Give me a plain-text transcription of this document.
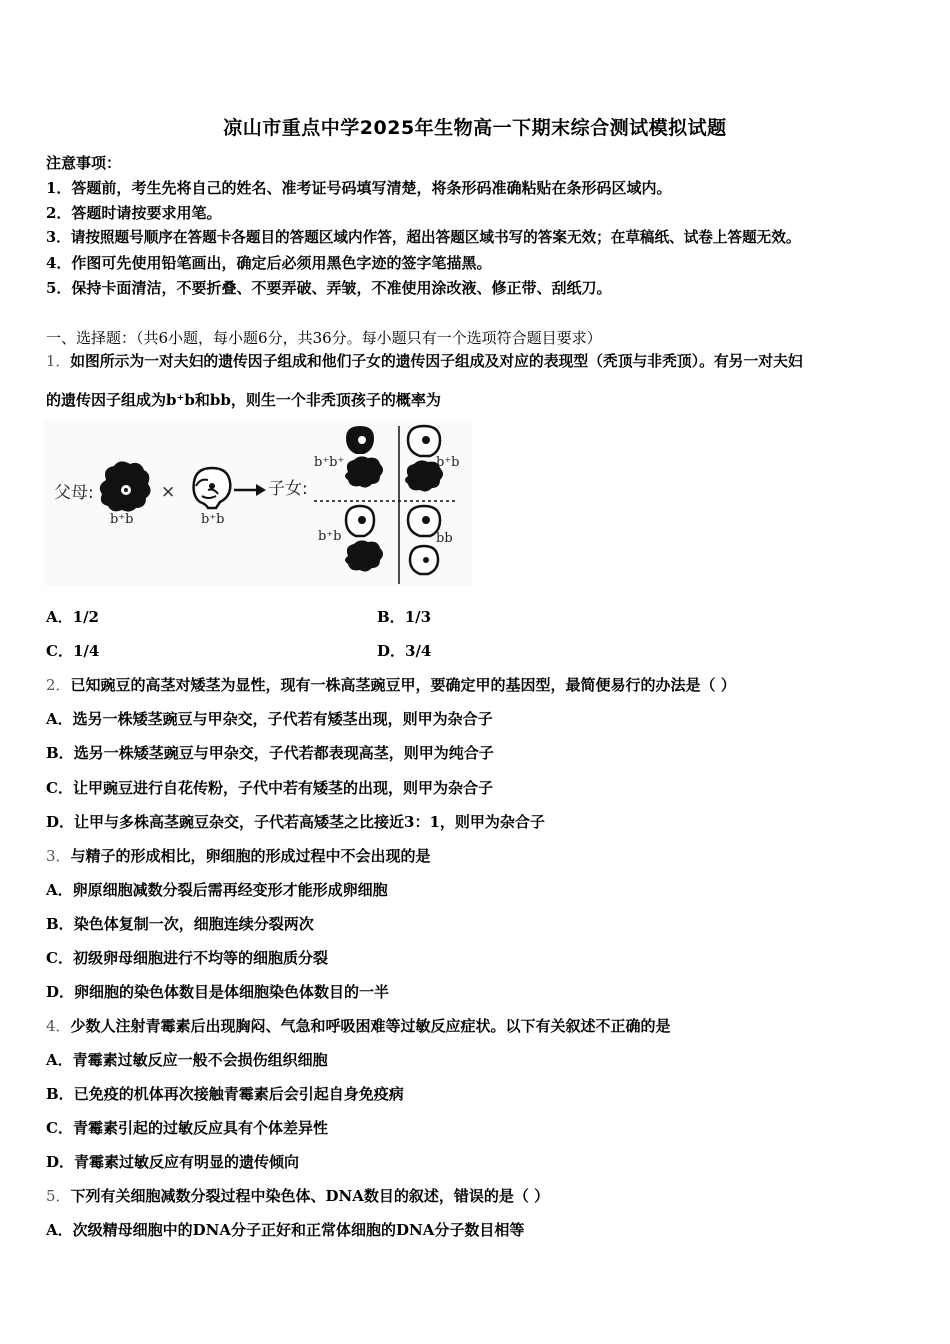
凉山市重点中学2025年生物高一下期末综合测试模拟试题
注意事项：
1．答题前，考生先将自己的姓名、准考证号码填写清楚，将条形码准确粘贴在条形码区域内。
2．答题时请按要求用笔。
3．请按照题号顺序在答题卡各题目的答题区域内作答，超出答题区域书写的答案无效；在草稿纸、试卷上答题无效。
4．作图可先使用铅笔画出，确定后必须用黑色字迹的签字笔描黑。
5．保持卡面清洁，不要折叠、不要弄破、弄皱，不准使用涂改液、修正带、刮纸刀。
一、选择题：（共6小题，每小题6分，共36分。每小题只有一个选项符合题目要求）
1．如图所示为一对夫妇的遗传因子组成和他们子女的遗传因子组成及对应的表现型（秃顶与非秃顶）。有另一对夫妇
的遗传因子组成为b⁺b和bb，则生一个非秃顶孩子的概率为
父母:
b⁺b
×
b⁺b
子女:
b⁺b⁺	b⁺b
b⁺b	bb
A．1/2	B．1/3
C．1/4	D．3/4
2．已知豌豆的高茎对矮茎为显性，现有一株高茎豌豆甲，要确定甲的基因型，最简便易行的办法是（ ）
A．选另一株矮茎豌豆与甲杂交，子代若有矮茎出现，则甲为杂合子
B．选另一株矮茎豌豆与甲杂交，子代若都表现高茎，则甲为纯合子
C．让甲豌豆进行自花传粉，子代中若有矮茎的出现，则甲为杂合子
D．让甲与多株高茎豌豆杂交，子代若高矮茎之比接近3：1，则甲为杂合子
3．与精子的形成相比，卵细胞的形成过程中不会出现的是
A．卵原细胞减数分裂后需再经变形才能形成卵细胞
B．染色体复制一次，细胞连续分裂两次
C．初级卵母细胞进行不均等的细胞质分裂
D．卵细胞的染色体数目是体细胞染色体数目的一半
4．少数人注射青霉素后出现胸闷、气急和呼吸困难等过敏反应症状。以下有关叙述不正确的是
A．青霉素过敏反应一般不会损伤组织细胞
B．已免疫的机体再次接触青霉素后会引起自身免疫病
C．青霉素引起的过敏反应具有个体差异性
D．青霉素过敏反应有明显的遗传倾向
5．下列有关细胞减数分裂过程中染色体、DNA数目的叙述，错误的是（ ）
A．次级精母细胞中的DNA分子正好和正常体细胞的DNA分子数目相等
